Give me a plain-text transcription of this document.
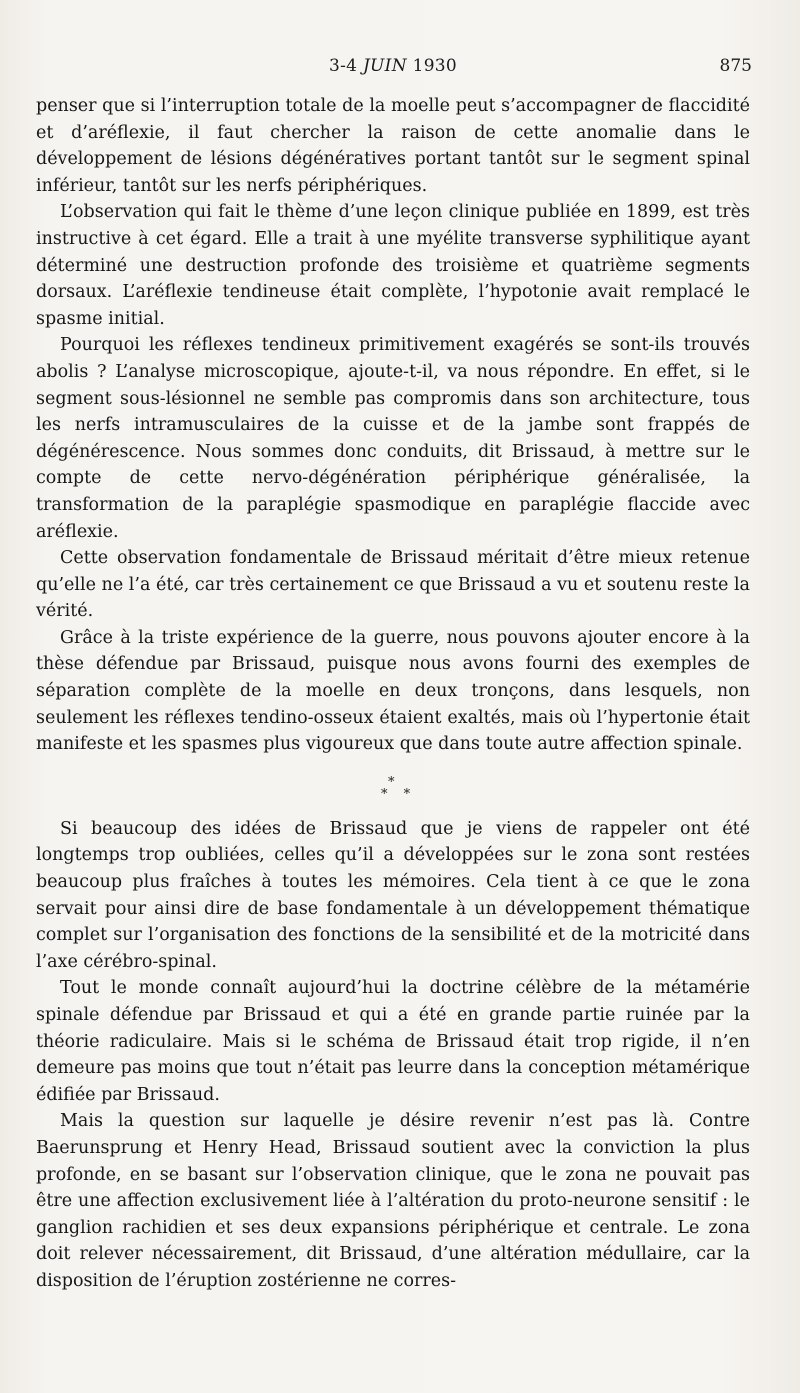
3-4 JUIN 1930	875

penser que si l’interruption totale de la moelle peut s’accompagner de flaccidité et d’aréflexie, il faut chercher la raison de cette anomalie dans le développement de lésions dégénératives portant tantôt sur le segment spinal inférieur, tantôt sur les nerfs périphériques.

L’observation qui fait le thème d’une leçon clinique publiée en 1899, est très instructive à cet égard. Elle a trait à une myélite transverse syphilitique ayant déterminé une destruction profonde des troisième et quatrième segments dorsaux. L’aréflexie tendineuse était complète, l’hypotonie avait remplacé le spasme initial.

Pourquoi les réflexes tendineux primitivement exagérés se sont-ils trouvés abolis ? L’analyse microscopique, ajoute-t-il, va nous répondre. En effet, si le segment sous-lésionnel ne semble pas compromis dans son architecture, tous les nerfs intramusculaires de la cuisse et de la jambe sont frappés de dégénérescence. Nous sommes donc conduits, dit Brissaud, à mettre sur le compte de cette nervo-dégénération périphérique généralisée, la transformation de la paraplégie spasmodique en paraplégie flaccide avec aréflexie.

Cette observation fondamentale de Brissaud méritait d’être mieux retenue qu’elle ne l’a été, car très certainement ce que Brissaud a vu et soutenu reste la vérité.

Grâce à la triste expérience de la guerre, nous pouvons ajouter encore à la thèse défendue par Brissaud, puisque nous avons fourni des exemples de séparation complète de la moelle en deux tronçons, dans lesquels, non seulement les réflexes tendino-osseux étaient exaltés, mais où l’hypertonie était manifeste et les spasmes plus vigoureux que dans toute autre affection spinale.

*
* *

Si beaucoup des idées de Brissaud que je viens de rappeler ont été longtemps trop oubliées, celles qu’il a développées sur le zona sont restées beaucoup plus fraîches à toutes les mémoires. Cela tient à ce que le zona servait pour ainsi dire de base fondamentale à un développement thématique complet sur l’organisation des fonctions de la sensibilité et de la motricité dans l’axe cérébro-spinal.

Tout le monde connaît aujourd’hui la doctrine célèbre de la métamérie spinale défendue par Brissaud et qui a été en grande partie ruinée par la théorie radiculaire. Mais si le schéma de Brissaud était trop rigide, il n’en demeure pas moins que tout n’était pas leurre dans la conception métamérique édifiée par Brissaud.

Mais la question sur laquelle je désire revenir n’est pas là. Contre Baerunsprung et Henry Head, Brissaud soutient avec la conviction la plus profonde, en se basant sur l’observation clinique, que le zona ne pouvait pas être une affection exclusivement liée à l’altération du proto-neurone sensitif : le ganglion rachidien et ses deux expansions périphérique et centrale. Le zona doit relever nécessairement, dit Brissaud, d’une altération médullaire, car la disposition de l’éruption zostérienne ne corres-
